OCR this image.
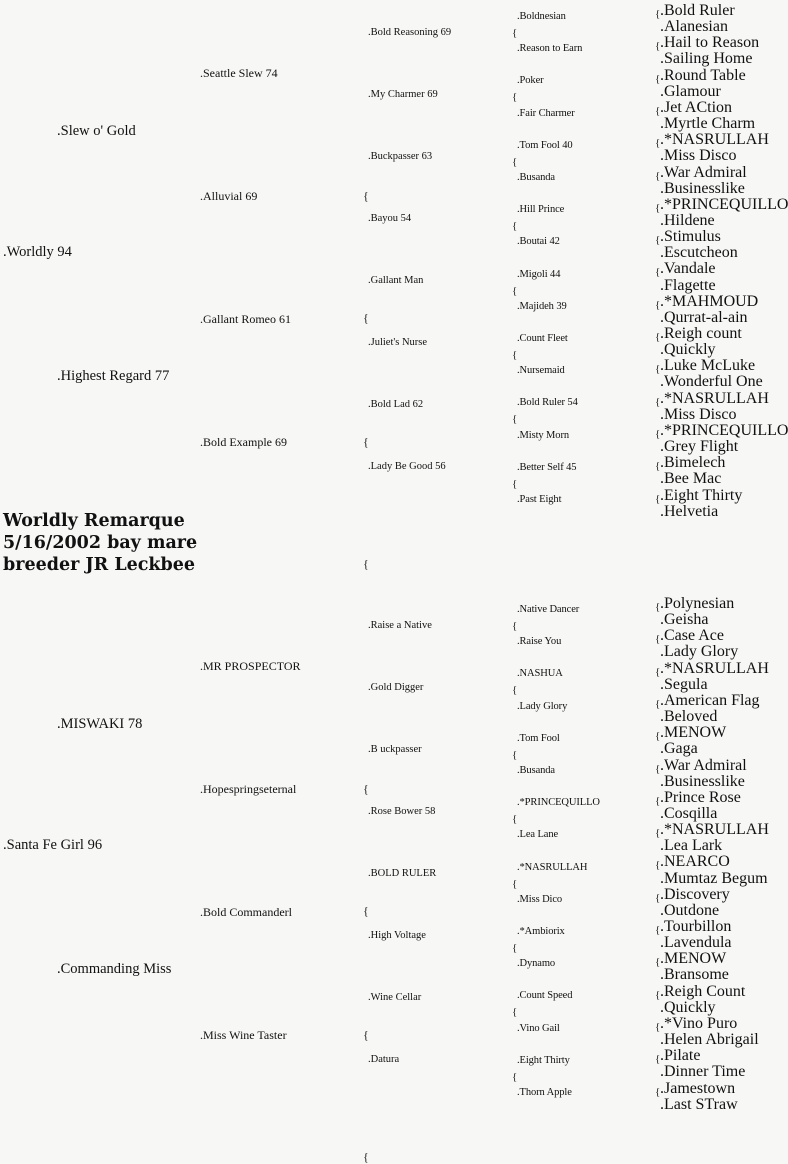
Worldly Remarque
5/16/2002 bay mare
breeder JR Leckbee
.Worldly 94
.Slew o' Gold
.Highest Regard 77
.Seattle Slew 74
.Alluvial 69
.Gallant Romeo 61
.Bold Example 69
.Bold Reasoning 69
.My Charmer 69
.Buckpasser 63
.Bayou 54
.Gallant Man
.Juliet's Nurse
.Bold Lad 62
.Lady Be Good 56
.Boldnesian
.Reason to Earn
.Poker
.Fair Charmer
.Tom Fool 40
.Busanda
.Hill Prince
.Boutai 42
.Migoli 44
.Majideh 39
.Count Fleet
.Nursemaid
.Bold Ruler 54
.Misty Morn
.Better Self 45
.Past Eight
.Bold Ruler
.Alanesian
.Hail to Reason
.Sailing Home
.Round Table
.Glamour
.Jet ACtion
.Myrtle Charm
.*NASRULLAH
.Miss Disco
.War Admiral
.Businesslike
.*PRINCEQUILLO
.Hildene
.Stimulus
.Escutcheon
.Vandale
.Flagette
.*MAHMOUD
.Qurrat-al-ain
.Reigh count
.Quickly
.Luke McLuke
.Wonderful One
.*NASRULLAH
.Miss Disco
.*PRINCEQUILLO
.Grey Flight
.Bimelech
.Bee Mac
.Eight Thirty
.Helvetia
{
{
{
{
{
{
{
{
{
{
{
{
{
{
{
{
{
{
{
{
{
{
{
{
{
{
{
{
.Santa Fe Girl 96
.MISWAKI 78
.Commanding Miss
.MR PROSPECTOR
.Hopespringseternal
.Bold Commanderl
.Miss Wine Taster
.Raise a Native
.Gold Digger
.B uckpasser
.Rose Bower 58
.BOLD RULER
.High Voltage
.Wine Cellar
.Datura
.Native Dancer
.Raise You
.NASHUA
.Lady Glory
.Tom Fool
.Busanda
.*PRINCEQUILLO
.Lea Lane
.*NASRULLAH
.Miss Dico
.*Ambiorix
.Dynamo
.Count Speed
.Vino Gail
.Eight Thirty
.Thorn Apple
.Polynesian
.Geisha
.Case Ace
.Lady Glory
.*NASRULLAH
.Segula
.American Flag
.Beloved
.MENOW
.Gaga
.War Admiral
.Businesslike
.Prince Rose
.Cosqilla
.*NASRULLAH
.Lea Lark
.NEARCO
.Mumtaz Begum
.Discovery
.Outdone
.Tourbillon
.Lavendula
.MENOW
.Bransome
.Reigh Count
.Quickly
.*Vino Puro
.Helen Abrigail
.Pilate
.Dinner Time
.Jamestown
.Last STraw
{
{
{
{
{
{
{
{
{
{
{
{
{
{
{
{
{
{
{
{
{
{
{
{
{
{
{
{
